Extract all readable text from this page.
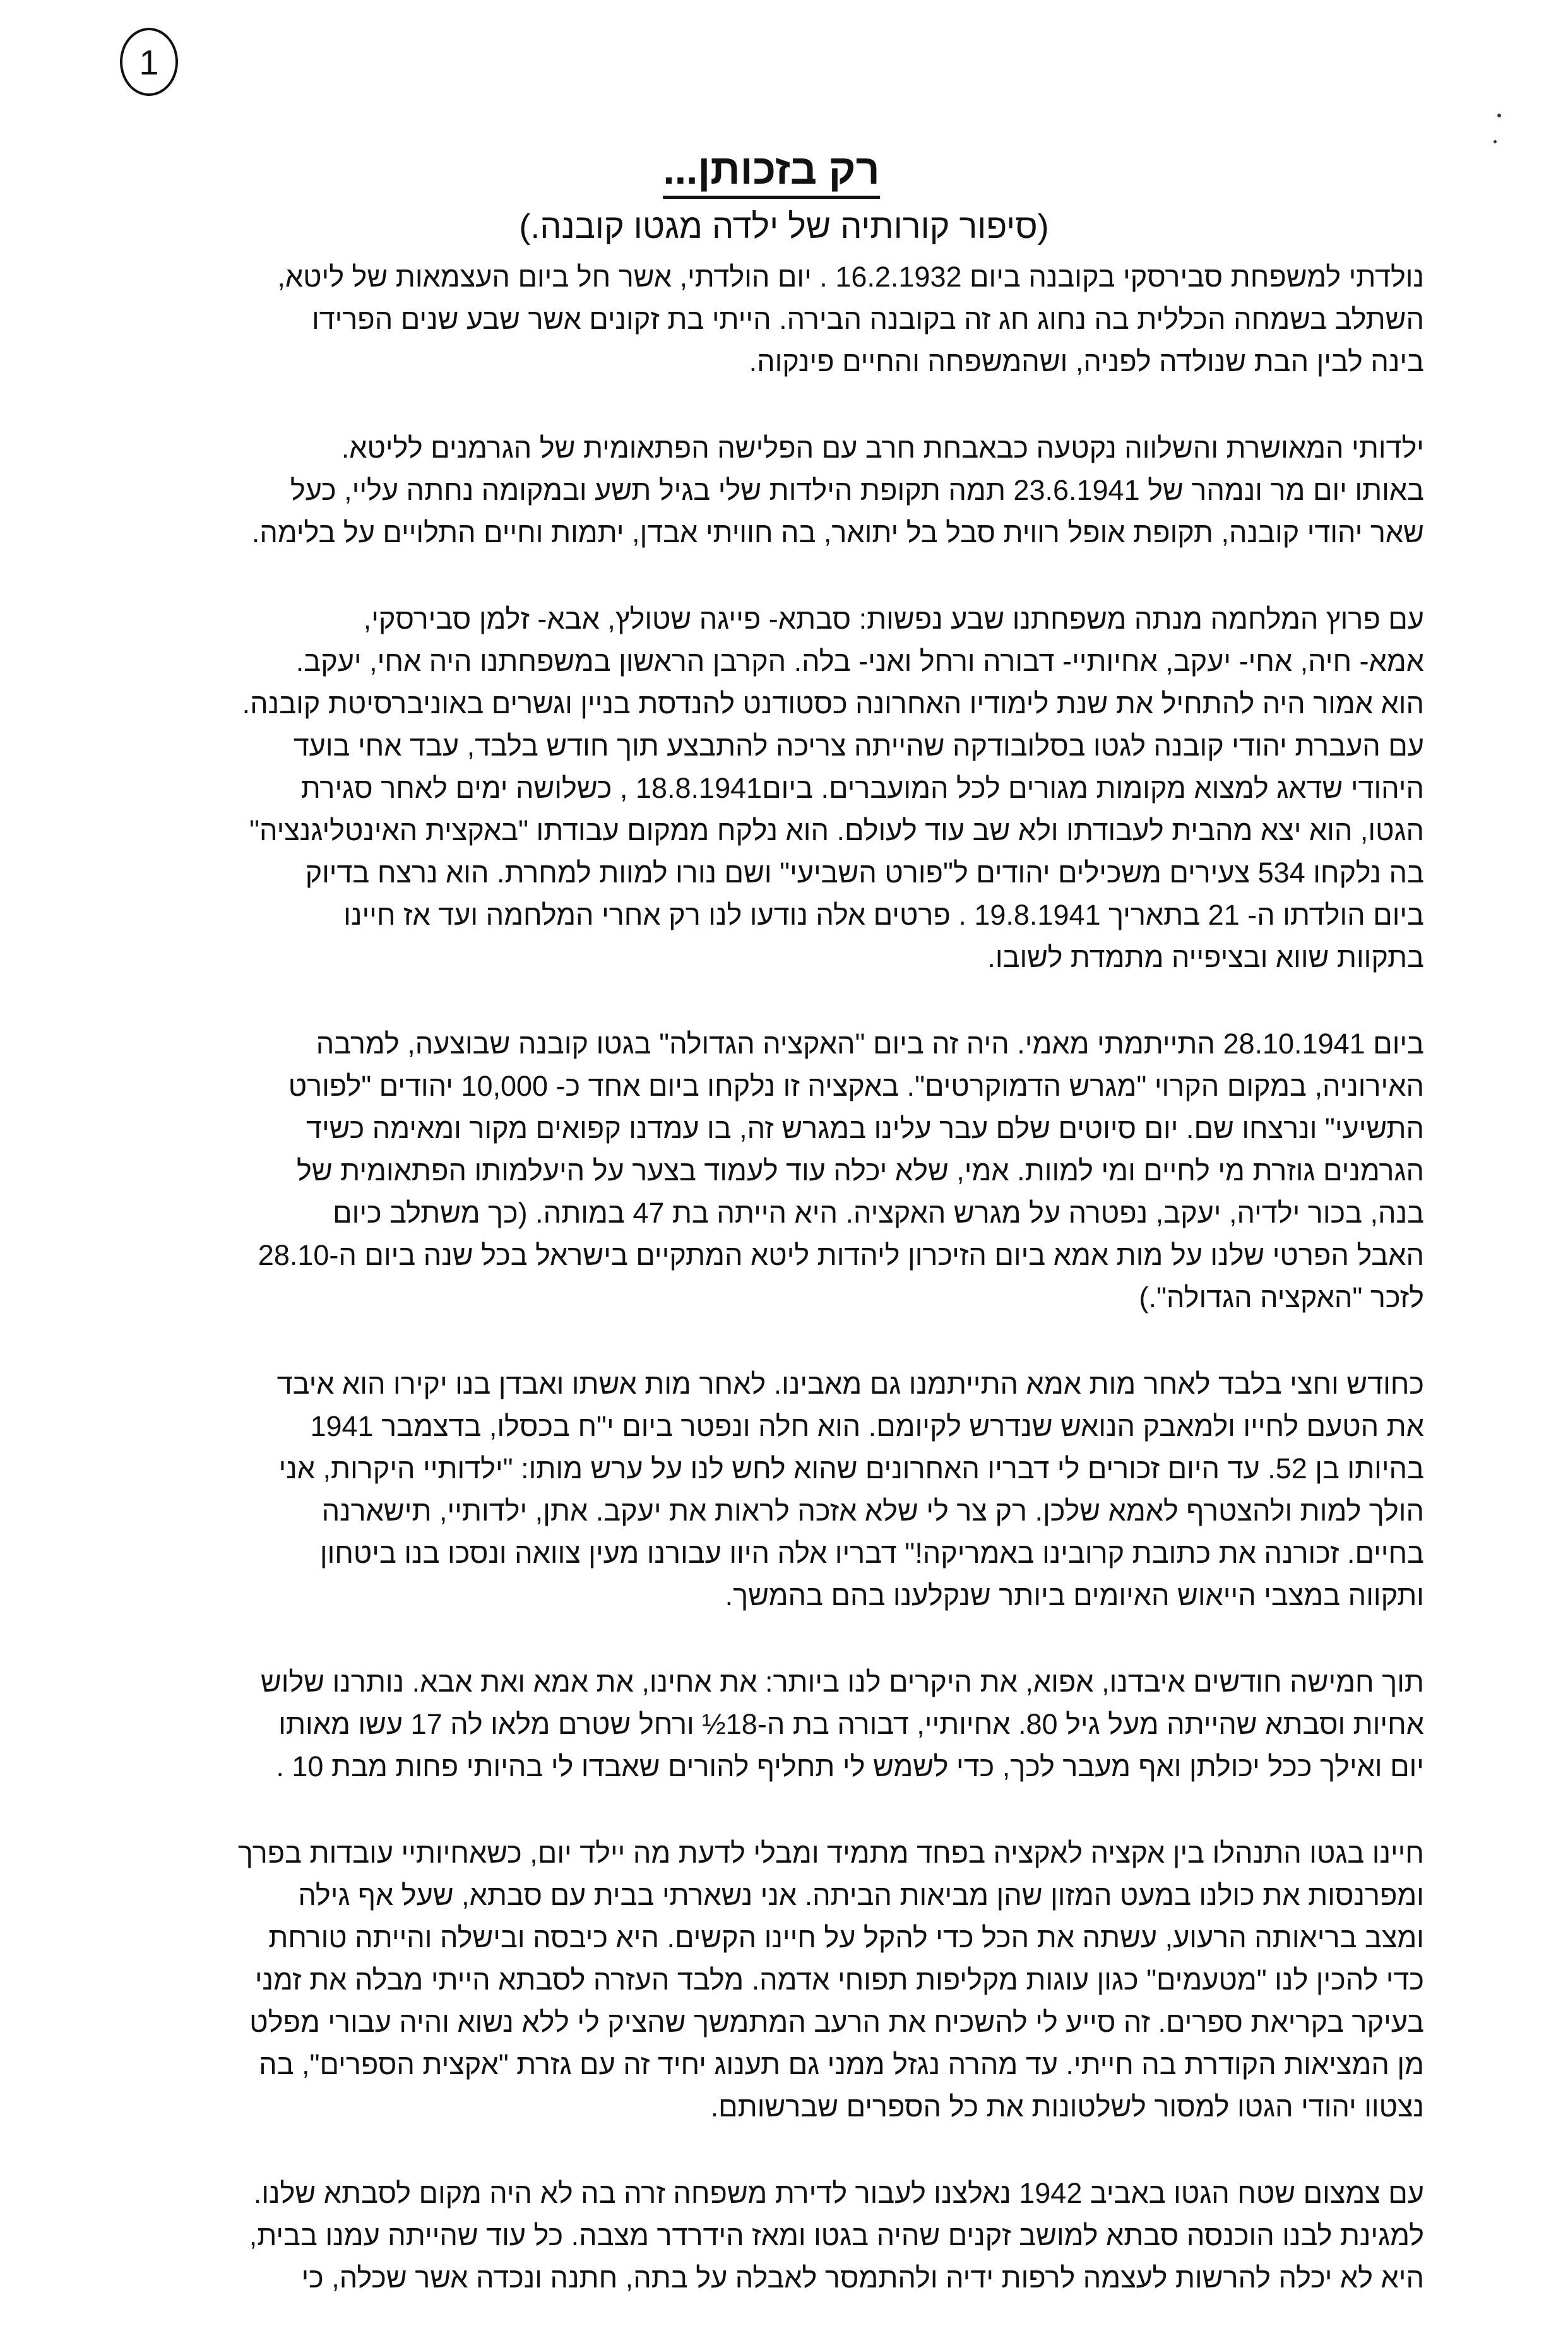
1
רק בזכותן...
(סיפור קורותיה של ילדה מגטו קובנה.)
נולדתי למשפחת סבירסקי בקובנה ביום 16.2.1932 . יום הולדתי, אשר חל ביום העצמאות של ליטא,
השתלב בשמחה הכללית בה נחוג חג זה בקובנה הבירה. הייתי בת זקונים אשר שבע שנים הפרידו
בינה לבין הבת שנולדה לפניה, ושהמשפחה והחיים פינקוה.
ילדותי המאושרת והשלווה נקטעה כבאבחת חרב עם הפלישה הפתאומית של הגרמנים לליטא.
באותו יום מר ונמהר של 23.6.1941 תמה תקופת הילדות שלי בגיל תשע ובמקומה נחתה עליי, כעל
שאר יהודי קובנה, תקופת אופל רווית סבל בל יתואר, בה חוויתי אבדן, יתמות וחיים התלויים על בלימה.
עם פרוץ המלחמה מנתה משפחתנו שבע נפשות: סבתא- פייגה שטולץ, אבא- זלמן סבירסקי,
אמא- חיה, אחי- יעקב, אחיותיי- דבורה ורחל ואני- בלה. הקרבן הראשון במשפחתנו היה אחי, יעקב.
הוא אמור היה להתחיל את שנת לימודיו האחרונה כסטודנט להנדסת בניין וגשרים באוניברסיטת קובנה.
עם העברת יהודי קובנה לגטו בסלובודקה שהייתה צריכה להתבצע תוך חודש בלבד, עבד אחי בועד
היהודי שדאג למצוא מקומות מגורים לכל המועברים. ביום18.8.1941 , כשלושה ימים לאחר סגירת
הגטו, הוא יצא מהבית לעבודתו ולא שב עוד לעולם. הוא נלקח ממקום עבודתו "באקצית האינטליגנציה"
בה נלקחו 534 צעירים משכילים יהודים ל"פורט השביעי" ושם נורו למוות למחרת. הוא נרצח בדיוק
ביום הולדתו ה- 21 בתאריך 19.8.1941 . פרטים אלה נודעו לנו רק אחרי המלחמה ועד אז חיינו
בתקוות שווא ובציפייה מתמדת לשובו.
ביום 28.10.1941 התייתמתי מאמי. היה זה ביום "האקציה הגדולה" בגטו קובנה שבוצעה, למרבה
האירוניה, במקום הקרוי "מגרש הדמוקרטים". באקציה זו נלקחו ביום אחד כ- 10,000 יהודים "לפורט
התשיעי" ונרצחו שם. יום סיוטים שלם עבר עלינו במגרש זה, בו עמדנו קפואים מקור ומאימה כשיד
הגרמנים גוזרת מי לחיים ומי למוות. אמי, שלא יכלה עוד לעמוד בצער על היעלמותו הפתאומית של
בנה, בכור ילדיה, יעקב, נפטרה על מגרש האקציה. היא הייתה בת 47 במותה. (כך משתלב כיום
האבל הפרטי שלנו על מות אמא ביום הזיכרון ליהדות ליטא המתקיים בישראל בכל שנה ביום ה-28.10
לזכר "האקציה הגדולה".)
כחודש וחצי בלבד לאחר מות אמא התייתמנו גם מאבינו. לאחר מות אשתו ואבדן בנו יקירו הוא איבד
את הטעם לחייו ולמאבק הנואש שנדרש לקיומם. הוא חלה ונפטר ביום י"ח בכסלו, בדצמבר 1941
בהיותו בן 52. עד היום זכורים לי דבריו האחרונים שהוא לחש לנו על ערש מותו: "ילדותיי היקרות, אני
הולך למות ולהצטרף לאמא שלכן. רק צר לי שלא אזכה לראות את יעקב. אתן, ילדותיי, תישארנה
בחיים. זכורנה את כתובת קרובינו באמריקה!" דבריו אלה היוו עבורנו מעין צוואה ונסכו בנו ביטחון
ותקווה במצבי הייאוש האיומים ביותר שנקלענו בהם בהמשך.
תוך חמישה חודשים איבדנו, אפוא, את היקרים לנו ביותר: את אחינו, את אמא ואת אבא. נותרנו שלוש
אחיות וסבתא שהייתה מעל גיל 80. אחיותיי, דבורה בת ה-18½ ורחל שטרם מלאו לה 17 עשו מאותו
יום ואילך ככל יכולתן ואף מעבר לכך, כדי לשמש לי תחליף להורים שאבדו לי בהיותי פחות מבת 10 .
חיינו בגטו התנהלו בין אקציה לאקציה בפחד מתמיד ומבלי לדעת מה יילד יום, כשאחיותיי עובדות בפרך
ומפרנסות את כולנו במעט המזון שהן מביאות הביתה. אני נשארתי בבית עם סבתא, שעל אף גילה
ומצב בריאותה הרעוע, עשתה את הכל כדי להקל על חיינו הקשים. היא כיבסה ובישלה והייתה טורחת
כדי להכין לנו "מטעמים" כגון עוגות מקליפות תפוחי אדמה. מלבד העזרה לסבתא הייתי מבלה את זמני
בעיקר בקריאת ספרים. זה סייע לי להשכיח את הרעב המתמשך שהציק לי ללא נשוא והיה עבורי מפלט
מן המציאות הקודרת בה חייתי. עד מהרה נגזל ממני גם תענוג יחיד זה עם גזרת "אקצית הספרים", בה
נצטוו יהודי הגטו למסור לשלטונות את כל הספרים שברשותם.
עם צמצום שטח הגטו באביב 1942 נאלצנו לעבור לדירת משפחה זרה בה לא היה מקום לסבתא שלנו.
למגינת לבנו הוכנסה סבתא למושב זקנים שהיה בגטו ומאז הידרדר מצבה. כל עוד שהייתה עמנו בבית,
היא לא יכלה להרשות לעצמה לרפות ידיה ולהתמסר לאבלה על בתה, חתנה ונכדה אשר שכלה, כי
